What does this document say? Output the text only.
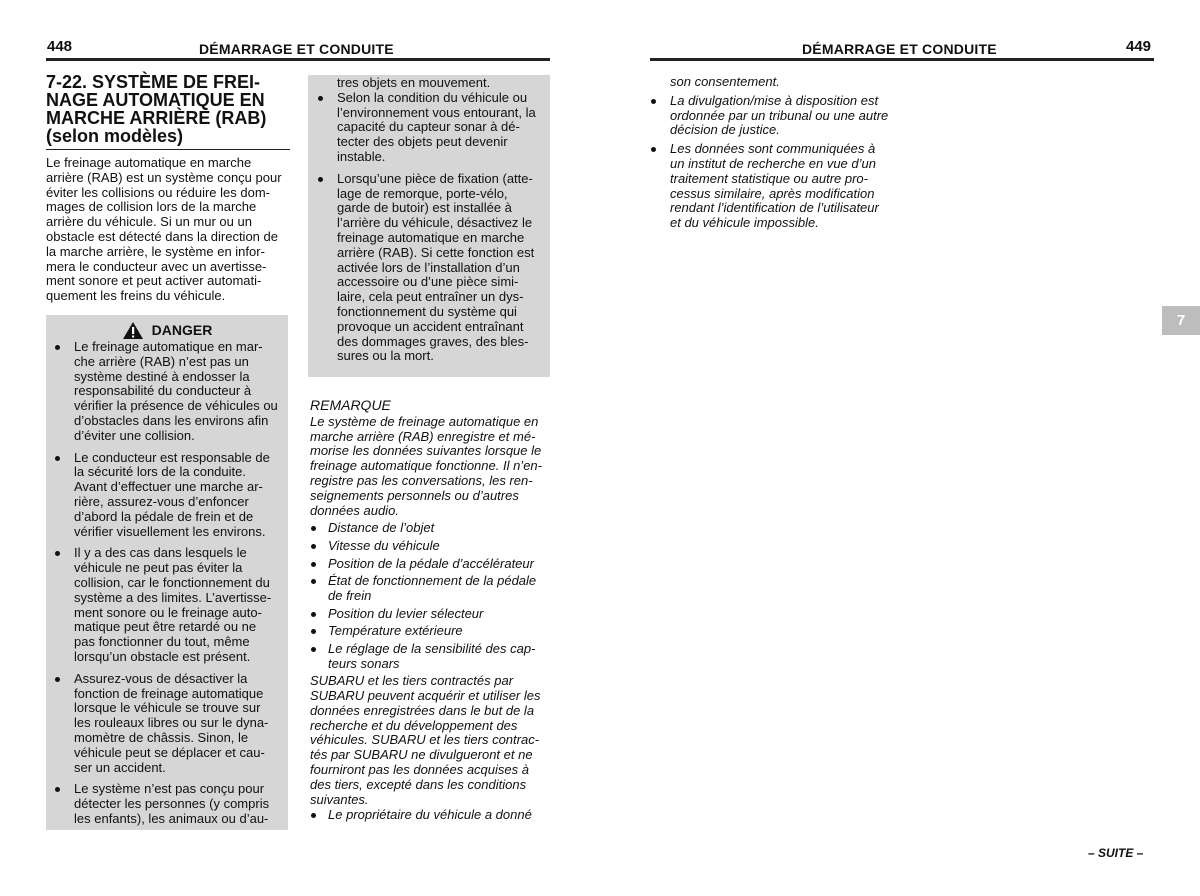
448	DÉMARRAGE ET CONDUITE	DÉMARRAGE ET CONDUITE	449
7-22. SYSTÈME DE FREI-
NAGE AUTOMATIQUE EN
MARCHE ARRIÈRE (RAB)
(selon modèles)

Le freinage automatique en marche
arrière (RAB) est un système conçu pour
éviter les collisions ou réduire les dom-
mages de collision lors de la marche
arrière du véhicule. Si un mur ou un
obstacle est détecté dans la direction de
la marche arrière, le système en infor-
mera le conducteur avec un avertisse-
ment sonore et peut activer automati-
quement les freins du véhicule.

DANGER
Le freinage automatique en mar-
che arrière (RAB) n’est pas un
système destiné à endosser la
responsabilité du conducteur à
vérifier la présence de véhicules ou
d’obstacles dans les environs afin
d’éviter une collision.
Le conducteur est responsable de
la sécurité lors de la conduite.
Avant d’effectuer une marche ar-
rière, assurez-vous d’enfoncer
d’abord la pédale de frein et de
vérifier visuellement les environs.
Il y a des cas dans lesquels le
véhicule ne peut pas éviter la
collision, car le fonctionnement du
système a des limites. L’avertisse-
ment sonore ou le freinage auto-
matique peut être retardé ou ne
pas fonctionner du tout, même
lorsqu’un obstacle est présent.
Assurez-vous de désactiver la
fonction de freinage automatique
lorsque le véhicule se trouve sur
les rouleaux libres ou sur le dyna-
momètre de châssis. Sinon, le
véhicule peut se déplacer et cau-
ser un accident.
Le système n’est pas conçu pour
détecter les personnes (y compris
les enfants), les animaux ou d’au-

tres objets en mouvement.

Selon la condition du véhicule ou
l’environnement vous entourant, la
capacité du capteur sonar à dé-
tecter des objets peut devenir
instable.
Lorsqu’une pièce de fixation (atte-
lage de remorque, porte-vélo,
garde de butoir) est installée à
l’arrière du véhicule, désactivez le
freinage automatique en marche
arrière (RAB). Si cette fonction est
activée lors de l’installation d’un
accessoire ou d’une pièce simi-
laire, cela peut entraîner un dys-
fonctionnement du système qui
provoque un accident entraînant
des dommages graves, des bles-
sures ou la mort.

REMARQUE

Le système de freinage automatique en
marche arrière (RAB) enregistre et mé-
morise les données suivantes lorsque le
freinage automatique fonctionne. Il n’en-
registre pas les conversations, les ren-
seignements personnels ou d’autres
données audio.

Distance de l’objet
Vitesse du véhicule
Position de la pédale d’accélérateur
État de fonctionnement de la pédale
de frein
Position du levier sélecteur
Température extérieure
Le réglage de la sensibilité des cap-
teurs sonars

SUBARU et les tiers contractés par
SUBARU peuvent acquérir et utiliser les
données enregistrées dans le but de la
recherche et du développement des
véhicules. SUBARU et les tiers contrac-
tés par SUBARU ne divulgueront et ne
fourniront pas les données acquises à
des tiers, excepté dans les conditions
suivantes.

Le propriétaire du véhicule a donné

son consentement.

La divulgation/mise à disposition est
ordonnée par un tribunal ou une autre
décision de justice.
Les données sont communiquées à
un institut de recherche en vue d’un
traitement statistique ou autre pro-
cessus similaire, après modification
rendant l’identification de l’utilisateur
et du véhicule impossible.
7
– SUITE –
